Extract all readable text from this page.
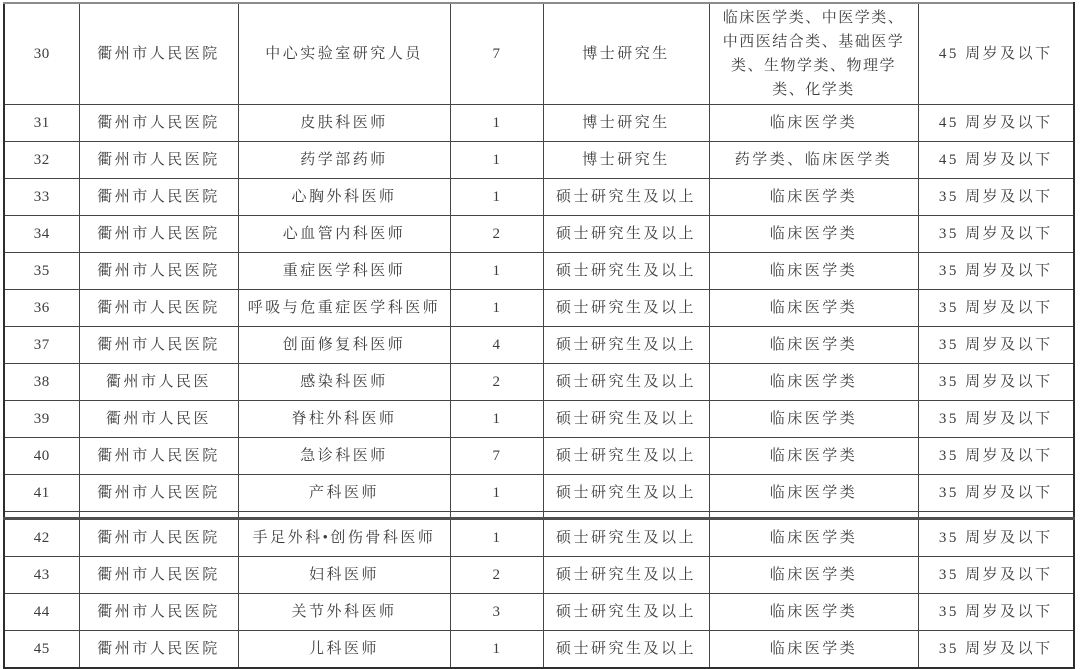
30	衢州市人民医院	中心实验室研究人员	7	博士研究生	临床医学类、中医学类、中西医结合类、基础医学类、生物学类、物理学类、化学类	45 周岁及以下
31	衢州市人民医院	皮肤科医师	1	博士研究生	临床医学类	45 周岁及以下
32	衢州市人民医院	药学部药师	1	博士研究生	药学类、临床医学类	45 周岁及以下
33	衢州市人民医院	心胸外科医师	1	硕士研究生及以上	临床医学类	35 周岁及以下
34	衢州市人民医院	心血管内科医师	2	硕士研究生及以上	临床医学类	35 周岁及以下
35	衢州市人民医院	重症医学科医师	1	硕士研究生及以上	临床医学类	35 周岁及以下
36	衢州市人民医院	呼吸与危重症医学科医师	1	硕士研究生及以上	临床医学类	35 周岁及以下
37	衢州市人民医院	创面修复科医师	4	硕士研究生及以上	临床医学类	35 周岁及以下
38	衢州市人民医	感染科医师	2	硕士研究生及以上	临床医学类	35 周岁及以下
39	衢州市人民医	脊柱外科医师	1	硕士研究生及以上	临床医学类	35 周岁及以下
40	衢州市人民医院	急诊科医师	7	硕士研究生及以上	临床医学类	35 周岁及以下
41	衢州市人民医院	产科医师	1	硕士研究生及以上	临床医学类	35 周岁及以下

42	衢州市人民医院	手足外科•创伤骨科医师	1	硕士研究生及以上	临床医学类	35 周岁及以下
43	衢州市人民医院	妇科医师	2	硕士研究生及以上	临床医学类	35 周岁及以下
44	衢州市人民医院	关节外科医师	3	硕士研究生及以上	临床医学类	35 周岁及以下
45	衢州市人民医院	儿科医师	1	硕士研究生及以上	临床医学类	35 周岁及以下
